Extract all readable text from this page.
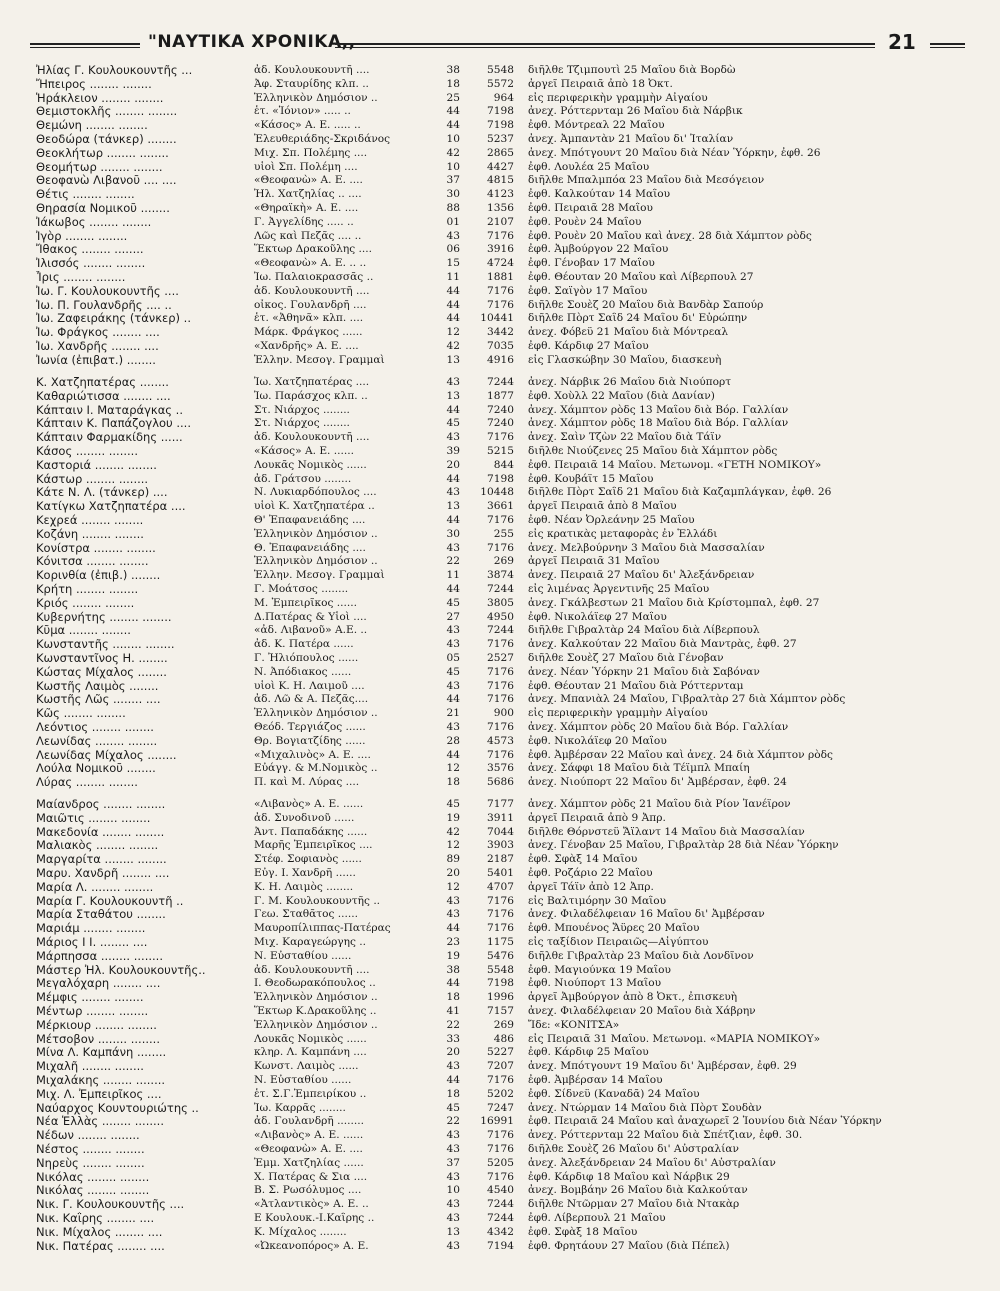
"ΝΑΥΤΙΚΑ ΧΡΟΝΙΚΑ,,	21
Ἠλίας Γ. Κουλουκουντῆς ...	ἀδ. Κουλουκουντῆ ....	38	5548 διῆλθε Τζιμπουτὶ 25 Μαΐου διὰ Βορδὼ
Ἤπειρος ........ ........	Ἀφ. Σταυρίδης κλπ. ..	18	5572 ἀργεῖ Πειραιᾶ ἀπὸ 18 Ὀκτ.
Ἡράκλειον ........ ........	Ἑλληνικὸν Δημόσιον ..	25	964 εἰς περιφερικὴν γραμμὴν Αἰγαίου
Θεμιστοκλῆς ........ ........	ἑτ. «Ἰόνιον» ..... ..	44	7198 ἀνεχ. Ρόττερνταμ 26 Μαΐου διὰ Νάρβικ
Θεμώνη ........ ........	«Κάσος» Α. Ε. ..... ..	44	7198 ἐφθ. Μόντρεαλ 22 Μαΐου
Θεοδώρα (τάνκερ) ........	Ἐλευθεριάδης-Σκριδάνος	10	5237 ἀνεχ. Ἀμπαντὰν 21 Μαΐου δι' Ἰταλίαν
Θεοκλήτωρ ........ ........	Μιχ. Σπ. Πολέμης ....	42	2865 ἀνεχ. Μπότγουντ 20 Μαΐου διὰ Νέαν Ὑόρκην, ἐφθ. 26
Θεομήτωρ ........ ........	υἱοὶ Σπ. Πολέμη ....	10	4427 ἐφθ. Λουλέα 25 Μαΐου
Θεοφανὼ Λιβανοῦ .... ....	«Θεοφανὼ» Α. Ε. ....	37	4815 διῆλθε Μπαλμπόα 23 Μαΐου διὰ Μεσόγειον
Θέτις ........ ........	Ἠλ. Χατζηλίας .. ....	30	4123 ἐφθ. Καλκούταν 14 Μαΐου
Θηρασία Νομικοῦ ........	«Θηραϊκὴ» Α. Ε. ....	88	1356 ἐφθ. Πειραιᾶ 28 Μαΐου
Ἰάκωβος ........ ........	Γ. Ἀγγελίδης ..... ..	01	2107 ἐφθ. Ρουὲν 24 Μαΐου
Ἰγὸρ ........ ........	Λῶς καὶ Πεζᾶς .... ..	43	7176 ἐφθ. Ρουὲν 20 Μαΐου καὶ ἀνεχ. 28 διὰ Χάμπτον ρὸδς
Ἴθακος ........ ........	Ἕκτωρ Δρακοῦλης ....	06	3916 ἐφθ. Ἀμβούργον 22 Μαΐου
Ἰλισσός ........ ........	«Θεοφανὼ» Α. Ε. .. ..	15	4724 ἐφθ. Γένοβαν 17 Μαΐου
Ἶρις ........ ........	Ἰω. Παλαιοκρασσᾶς ..	11	1881 ἐφθ. Θέουταν 20 Μαΐου καὶ Λίβερπουλ 27
Ἰω. Γ. Κουλουκουντῆς ....	ἀδ. Κουλουκουντῆ ....	44	7176 ἐφθ. Σαϊγὸν 17 Μαΐου
Ἰω. Π. Γουλανδρῆς .... ..	οἶκος. Γουλανδρῆ ....	44	7176 διῆλθε Σουὲζ 20 Μαΐου διὰ Βανδὰρ Σαπούρ
Ἰω. Ζαφειράκης (τάνκερ) ..	ἑτ. «Ἀθηνᾶ» κλπ. ....	44	10441 διῆλθε Πὸρτ Σαΐδ 24 Μαΐου δι' Εὐρώπην
Ἰω. Φράγκος ........ ....	Μάρκ. Φράγκος ......	12	3442 ἀνεχ. Φόβεϋ 21 Μαΐου διὰ Μόντρεαλ
Ἰω. Χανδρῆς ........ ....	«Χανδρῆς» Α. Ε. ....	42	7035 ἐφθ. Κάρδιφ 27 Μαΐου
Ἰωνία (ἐπιβατ.) ........	Ἑλλην. Μεσογ. Γραμμαὶ	13	4916 εἰς Γλασκώβην 30 Μαΐου, διασκευὴ
Κ. Χατζηπατέρας ........	Ἰω. Χατζηπατέρας ....	43	7244 ἀνεχ. Νάρβικ 26 Μαΐου διὰ Νιούπορτ
Καθαριώτισσα ........ ....	Ἰω. Παράσχος κλπ. ..	13	1877 ἐφθ. Χοὺλλ 22 Μαΐου (διὰ Δανίαν)
Κάπταιν Ι. Ματαράγκας ..	Στ. Νιάρχος ........	44	7240 ἀνεχ. Χάμπτον ρὸδς 13 Μαΐου διὰ Βόρ. Γαλλίαν
Κάπταιν Κ. Παπάζογλου ....	Στ. Νιάρχος ........	45	7240 ἀνεχ. Χάμπτον ρὸδς 18 Μαΐου διὰ Βόρ. Γαλλίαν
Κάπταιν Φαρμακίδης ......	ἀδ. Κουλουκουντῆ ....	43	7176 ἀνεχ. Σαὶν Τζὼν 22 Μαΐου διὰ Τάϊν
Κάσος ........ ........	«Κάσος» Α. Ε. ......	39	5215 διῆλθε Νιούζενες 25 Μαΐου διὰ Χάμπτον ρὸδς
Καστοριά ........ ........	Λουκᾶς Νομικὸς ......	20	844 ἐφθ. Πειραιᾶ 14 Μαΐου. Μετωνομ. «ΓΕΤΗ ΝΟΜΙΚΟΥ»
Κάστωρ ........ ........	ἀδ. Γράτσου ........	44	7198 ἐφθ. Κουβάϊτ 15 Μαΐου
Κάτε Ν. Λ. (τάνκερ) ....	Ν. Λυκιαρδόπουλος ....	43	10448 διῆλθε Πὸρτ Σαΐδ 21 Μαΐου διὰ Καζαμπλάγκαν, ἐφθ. 26
Κατίγκω Χατζηπατέρα ....	υἱοὶ Κ. Χατζηπατέρα ..	13	3661 ἀργεῖ Πειραιᾶ ἀπὸ 8 Μαΐου
Κεχρεά ........ ........	Θ' Ἐπαφανειάδης ....	44	7176 ἐφθ. Νέαν Ὀρλεάνην 25 Μαΐου
Κοζάνη ........ ........	Ἑλληνικὸν Δημόσιον ..	30	255 εἰς κρατικὰς μεταφορὰς ἐν Ἑλλάδι
Κονίστρα ........ ........	Θ. Ἐπαφανειάδης ....	43	7176 ἀνεχ. Μελβούρνην 3 Μαΐου διὰ Μασσαλίαν
Κόνιτσα ........ ........	Ἑλληνικὸν Δημόσιον ..	22	269 ἀργεῖ Πειραιᾶ 31 Μαΐου
Κορινθία (ἐπιβ.) ........	Ἑλλην. Μεσογ. Γραμμαὶ	11	3874 ἀνεχ. Πειραιᾶ 27 Μαΐου δι' Ἀλεξάνδρειαν
Κρήτη ........ ........	Γ. Μοάτσος ........	44	7244 εἰς λιμένας Ἀργεντινῆς 25 Μαΐου
Κριός ........ ........	Μ. Ἐμπειρῖκος ......	45	3805 ἀνεχ. Γκάλβεστων 21 Μαΐου διὰ Κρίστομπαλ, ἐφθ. 27
Κυβερνήτης ........ ........	Δ.Πατέρας & Υἱοὶ ....	27	4950 ἐφθ. Νικολάϊεφ 27 Μαΐου
Κῦμα ........ ........	«ἀδ. Λιβανοῦ» Α.Ε. ..	43	7244 διῆλθε Γιβραλτὰρ 24 Μαΐου διὰ Λίβερπουλ
Κωνσταντῆς ........ ........	ἀδ. Κ. Πατέρα ......	43	7176 ἀνεχ. Καλκούταν 22 Μαΐου διὰ Μαντρὰς, ἐφθ. 27
Κωνσταντῖνος Η. ........	Γ. Ἠλιόπουλος ......	05	2527 διῆλθε Σουὲζ 27 Μαΐου διὰ Γένοβαν
Κώστας Μίχαλος ........	Ν. Ἀπόδιακος ......	45	7176 ἀνεχ. Νέαν Ὑόρκην 21 Μαΐου διὰ Σαβόναν
Κωστῆς Λαιμὸς ........	υἱοὶ Κ. Η. Λαιμοῦ ....	43	7176 ἐφθ. Θέουταν 21 Μαΐου διὰ Ρόττερνταμ
Κωστῆς Λῶς ........ ....	ἀδ. Λῶ & Α. Πεζᾶς....	44	7176 ἀνεχ. Μπανιὰλ 24 Μαΐου, Γιβραλτὰρ 27 διὰ Χάμπτον ρὸδς
Κῶς ........ ........	Ἑλληνικὸν Δημόσιον ..	21	900 εἰς περιφερικὴν γραμμὴν Αἰγαίου
Λεόντιος ........ ........	Θεόδ. Τεργιάζος ......	43	7176 ἀνεχ. Χάμπτον ρὸδς 20 Μαΐου διὰ Βόρ. Γαλλίαν
Λεωνίδας ........ ........	Θρ. Βογιατζίδης ......	28	4573 ἐφθ. Νικολάϊεφ 20 Μαΐου
Λεωνίδας Μίχαλος ........	«Μιχαλινὸς» Α. Ε. ....	44	7176 ἐφθ. Ἀμβέρσαν 22 Μαΐου καὶ ἀνεχ. 24 διὰ Χάμπτον ρὸδς
Λούλα Νομικοῦ ........	Εὐάγγ. & Μ.Νομικὸς ..	12	3576 ἀνεχ. Σάφφι 18 Μαΐου διὰ Τέϊμπλ Μπαίη
Λύρας ........ ........	Π. καὶ Μ. Λύρας ....	18	5686 ἀνεχ. Νιούπορτ 22 Μαΐου δι' Ἀμβέρσαν, ἐφθ. 24
Μαίανδρος ........ ........	«Λιβανὸς» Α. Ε. ......	45	7177 ἀνεχ. Χάμπτον ρὸδς 21 Μαΐου διὰ Ρίον Ἰανέϊρον
Μαιῶτις ........ ........	ἀδ. Συνοδινοῦ ......	19	3911 ἀργεῖ Πειραιᾶ ἀπὸ 9 Ἀπρ.
Μακεδονία ........ ........	Ἀντ. Παπαδάκης ......	42	7044 διῆλθε Θόρνστεϋ Ἄϊλαντ 14 Μαΐου διὰ Μασσαλίαν
Μαλιακὸς ........ ........	Μαρῆς Ἐμπειρῖκος ....	12	3903 ἀνεχ. Γένοβαν 25 Μαΐου, Γιβραλτὰρ 28 διὰ Νέαν Ὑόρκην
Μαργαρίτα ........ ........	Στέφ. Σοφιανὸς ......	89	2187 ἐφθ. Σφὰξ 14 Μαΐου
Μαρυ. Χανδρῆ ........ ....	Εὐγ. Ι. Χανδρῆ ......	20	5401 ἐφθ. Ροζάριο 22 Μαΐου
Μαρία Λ. ........ ........	Κ. Η. Λαιμὸς ........	12	4707 ἀργεῖ Τάϊν ἀπὸ 12 Ἀπρ.
Μαρία Γ. Κουλουκουντῆ ..	Γ. Μ. Κουλουκουντῆς ..	43	7176 εἰς Βαλτιμόρην 30 Μαΐου
Μαρία Σταθάτου ........	Γεω. Σταθᾶτος ......	43	7176 ἀνεχ. Φιλαδέλφειαν 16 Μαΐου δι' Ἀμβέρσαν
Μαριάμ ........ ........	Μαυροπίλιππας-Πατέρας	44	7176 ἐφθ. Μπουένος Ἄϋρες 20 Μαΐου
Μάριος Ι Ι. ........ ....	Μιχ. Καραγεώργης ..	23	1175 εἰς ταξίδιον Πειραιῶς—Αἰγύπτου
Μάρπησσα ........ ........	Ν. Εὐσταθίου ......	19	5476 διῆλθε Γιβραλτὰρ 23 Μαΐου διὰ Λονδῖνον
Μάστερ Ἠλ. Κουλουκουντῆς..	ἀδ. Κουλουκουντῆ ....	38	5548 ἐφθ. Μαγιούνκα 19 Μαΐου
Μεγαλόχαρη ........ ....	Ι. Θεοδωρακόπουλος ..	44	7198 ἐφθ. Νιούπορτ 13 Μαΐου
Μέμφις ........ ........	Ἑλληνικὸν Δημόσιον ..	18	1996 ἀργεῖ Ἀμβούργον ἀπὸ 8 Ὀκτ., ἐπισκευὴ
Μέντωρ ........ ........	Ἕκτωρ Κ.Δρακοῦλης ..	41	7157 ἀνεχ. Φιλαδέλφειαν 20 Μαΐου διὰ Χάβρην
Μέρκιουρ ........ ........	Ἑλληνικὸν Δημόσιον ..	22	269 Ἴδε: «ΚΟΝΙΤΣΑ»
Μέτσοβον ........ ........	Λουκᾶς Νομικὸς ......	33	486 εἰς Πειραιᾶ 31 Μαΐου. Μετωνομ. «ΜΑΡΙΑ ΝΟΜΙΚΟΥ»
Μίνα Λ. Καμπάνη ........	κληρ. Λ. Καμπάνη ....	20	5227 ἐφθ. Κάρδιφ 25 Μαΐου
Μιχαλῆ ........ ........	Κωνστ. Λαιμὸς ......	43	7207 ἀνεχ. Μπότγουντ 19 Μαΐου δι' Ἀμβέρσαν, ἐφθ. 29
Μιχαλάκης ........ ........	Ν. Εὐσταθίου ......	44	7176 ἐφθ. Ἀμβέρσαν 14 Μαΐου
Μιχ. Λ. Ἐμπειρῖκος ....	ἑτ. Σ.Γ.Ἐμπειρίκου ..	18	5202 ἐφθ. Σίδνεϋ (Καναδᾶ) 24 Μαΐου
Ναύαρχος Κουντουριώτης ..	Ἰω. Καρρᾶς ........	45	7247 ἀνεχ. Ντώρμαν 14 Μαΐου διὰ Πὸρτ Σουδὰν
Νέα Ἑλλὰς ........ ........	ἀδ. Γουλανδρῆ ........	22	16991 ἐφθ. Πειραιᾶ 24 Μαΐου καὶ ἀναχωρεῖ 2 Ἰουνίου διὰ Νέαν Ὑόρκην
Νέδων ........ ........	«Λιβανὸς» Α. Ε. ......	43	7176 ἀνεχ. Ρόττερνταμ 22 Μαΐου διὰ Σπέτζιαν, ἐφθ. 30.
Νέστος ........ ........	«Θεοφανὼ» Α. Ε. ....	43	7176 διῆλθε Σουὲζ 26 Μαΐου δι' Αὐστραλίαν
Νηρεὺς ........ ........	Ἐμμ. Χατζηλίας ......	37	5205 ἀνεχ. Ἀλεξάνδρειαν 24 Μαΐου δι' Αὐστραλίαν
Νικόλας ........ ........	Χ. Πατέρας & Σια ....	43	7176 ἐφθ. Κάρδιφ 18 Μαΐου καὶ Νάρβικ 29
Νικόλας ........ ........	Β. Σ. Ρωσόλυμος ....	10	4540 ἀνεχ. Βομβάην 26 Μαΐου διὰ Καλκούταν
Νικ. Γ. Κουλουκουντῆς ....	«Ἀτλαντικὸς» Α. Ε. ..	43	7244 διῆλθε Ντῶρμαν 27 Μαΐου διὰ Ντακὰρ
Νικ. Καΐρης ........ ....	Ε Κουλουκ.-Ι.Καΐρης ..	43	7244 ἐφθ. Λίβερπουλ 21 Μαΐου
Νικ. Μίχαλος ........ ....	Κ. Μίχαλος ........	13	4342 ἐφθ. Σφὰξ 18 Μαΐου
Νικ. Πατέρας ........ ....	«Ὠκεανοπόρος» Α. Ε.	43	7194 ἐφθ. Φρητάουν 27 Μαΐου (διὰ Πέπελ)
